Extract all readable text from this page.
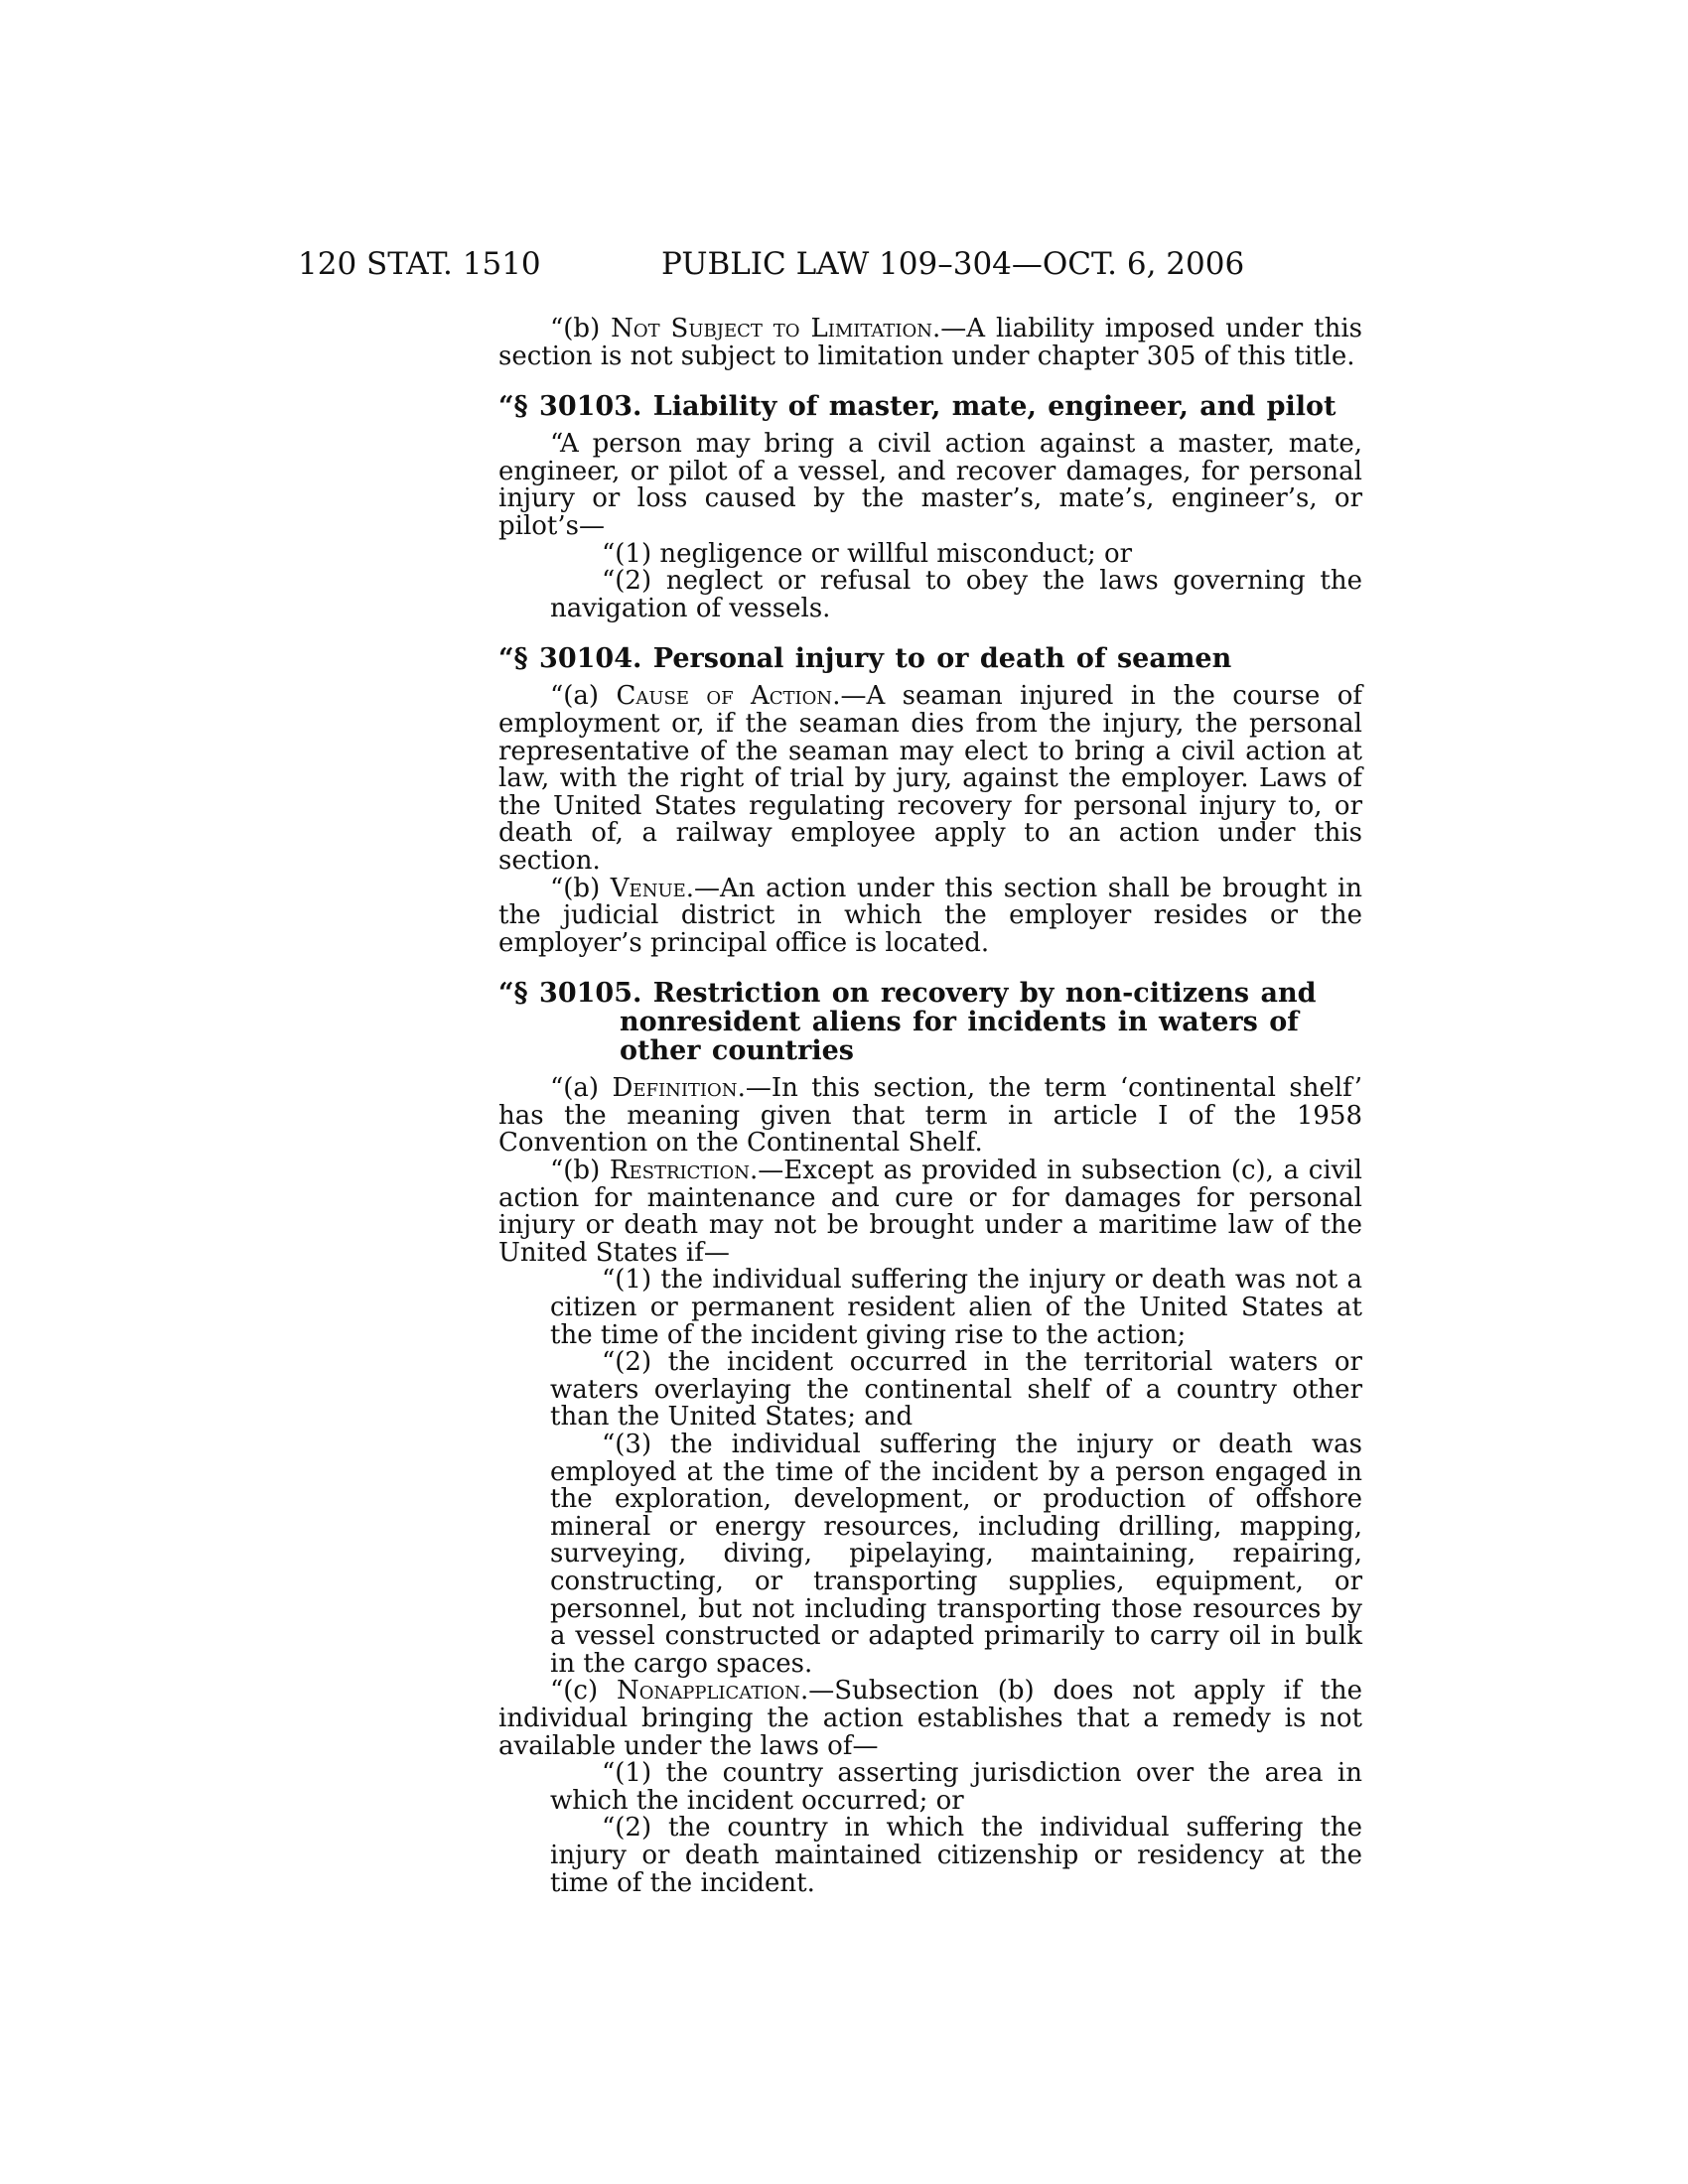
120 STAT. 1510	PUBLIC LAW 109–304—OCT. 6, 2006

“(b) Not Subject to Limitation.—A liability imposed under this section is not subject to limitation under chapter 305 of this title.

“§ 30103. Liability of master, mate, engineer, and pilot

“A person may bring a civil action against a master, mate, engineer, or pilot of a vessel, and recover damages, for personal injury or loss caused by the master’s, mate’s, engineer’s, or pilot’s—

“(1) negligence or willful misconduct; or

“(2) neglect or refusal to obey the laws governing the navigation of vessels.

“§ 30104. Personal injury to or death of seamen

“(a) Cause of Action.—A seaman injured in the course of employment or, if the seaman dies from the injury, the personal representative of the seaman may elect to bring a civil action at law, with the right of trial by jury, against the employer. Laws of the United States regulating recovery for personal injury to, or death of, a railway employee apply to an action under this section.

“(b) Venue.—An action under this section shall be brought in the judicial district in which the employer resides or the employer’s principal office is located.

“§ 30105. Restriction on recovery by non-citizens and nonresident aliens for incidents in waters of other countries

“(a) Definition.—In this section, the term ‘continental shelf’ has the meaning given that term in article I of the 1958 Convention on the Continental Shelf.

“(b) Restriction.—Except as provided in subsection (c), a civil action for maintenance and cure or for damages for personal injury or death may not be brought under a maritime law of the United States if—

“(1) the individual suffering the injury or death was not a citizen or permanent resident alien of the United States at the time of the incident giving rise to the action;

“(2) the incident occurred in the territorial waters or waters overlaying the continental shelf of a country other than the United States; and

“(3) the individual suffering the injury or death was employed at the time of the incident by a person engaged in the exploration, development, or production of offshore mineral or energy resources, including drilling, mapping, surveying, diving, pipelaying, maintaining, repairing, constructing, or transporting supplies, equipment, or personnel, but not including transporting those resources by a vessel constructed or adapted primarily to carry oil in bulk in the cargo spaces.

“(c) Nonapplication.—Subsection (b) does not apply if the individual bringing the action establishes that a remedy is not available under the laws of—

“(1) the country asserting jurisdiction over the area in which the incident occurred; or

“(2) the country in which the individual suffering the injury or death maintained citizenship or residency at the time of the incident.
